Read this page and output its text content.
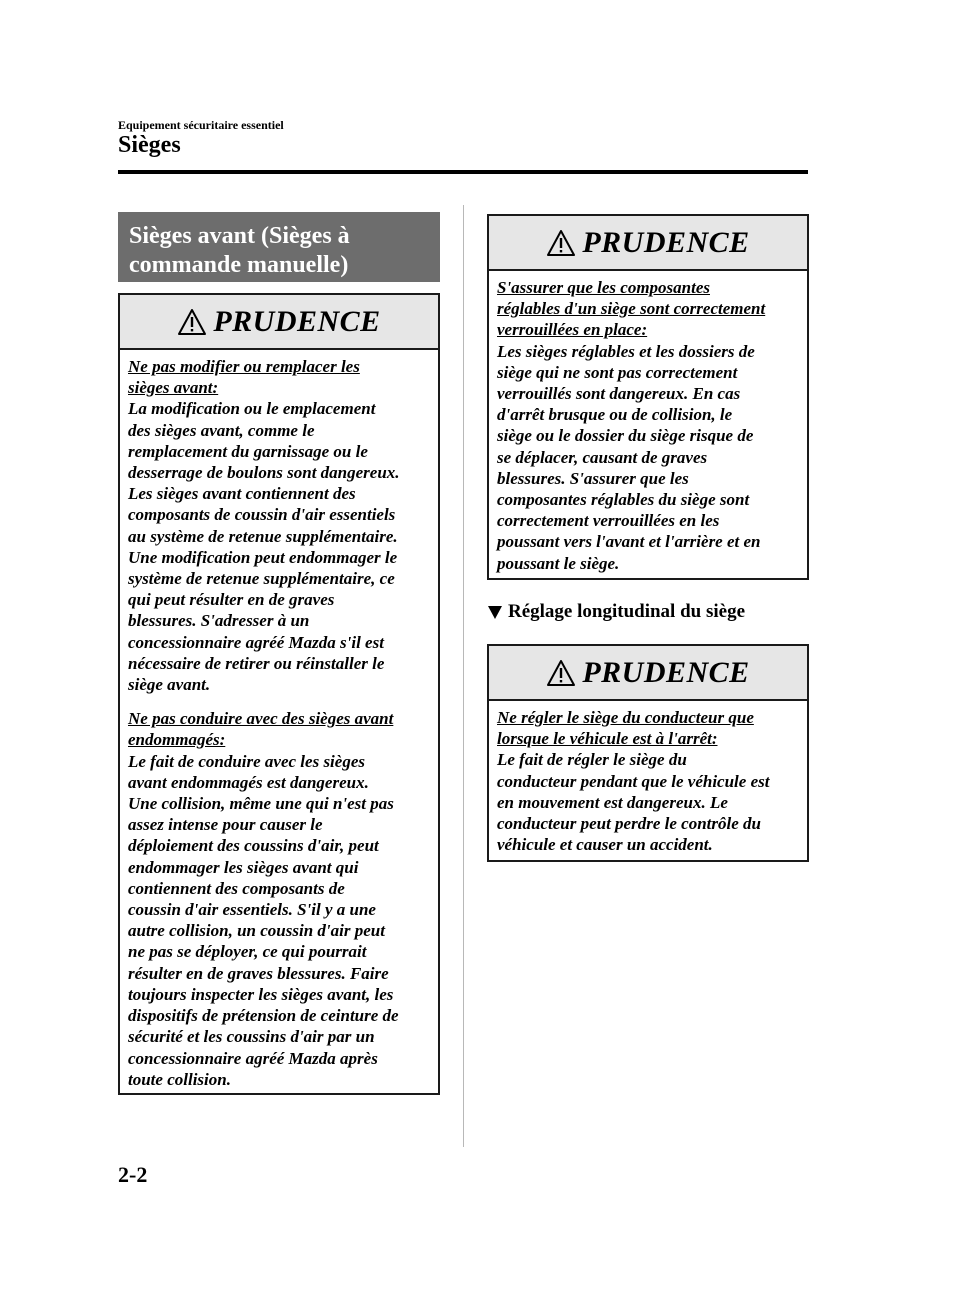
Equipement sécuritaire essentiel
Sièges
Sièges avant (Sièges à
commande manuelle)
PRUDENCE
Ne pas modifier ou remplacer les
sièges avant:
La modification ou le emplacement
des sièges avant, comme le
remplacement du garnissage ou le
desserrage de boulons sont dangereux.
Les sièges avant contiennent des
composants de coussin d'air essentiels
au système de retenue supplémentaire.
Une modification peut endommager le
système de retenue supplémentaire, ce
qui peut résulter en de graves
blessures. S'adresser à un
concessionnaire agréé Mazda s'il est
nécessaire de retirer ou réinstaller le
siège avant.
Ne pas conduire avec des sièges avant
endommagés:
Le fait de conduire avec les sièges
avant endommagés est dangereux.
Une collision, même une qui n'est pas
assez intense pour causer le
déploiement des coussins d'air, peut
endommager les sièges avant qui
contiennent des composants de
coussin d'air essentiels. S'il y a une
autre collision, un coussin d'air peut
ne pas se déployer, ce qui pourrait
résulter en de graves blessures. Faire
toujours inspecter les sièges avant, les
dispositifs de prétension de ceinture de
sécurité et les coussins d'air par un
concessionnaire agréé Mazda après
toute collision.
PRUDENCE
S'assurer que les composantes
réglables d'un siège sont correctement
verrouillées en place:
Les sièges réglables et les dossiers de
siège qui ne sont pas correctement
verrouillés sont dangereux. En cas
d'arrêt brusque ou de collision, le
siège ou le dossier du siège risque de
se déplacer, causant de graves
blessures. S'assurer que les
composantes réglables du siège sont
correctement verrouillées en les
poussant vers l'avant et l'arrière et en
poussant le siège.
Réglage longitudinal du siège
PRUDENCE
Ne régler le siège du conducteur que
lorsque le véhicule est à l'arrêt:
Le fait de régler le siège du
conducteur pendant que le véhicule est
en mouvement est dangereux. Le
conducteur peut perdre le contrôle du
véhicule et causer un accident.
2-2
